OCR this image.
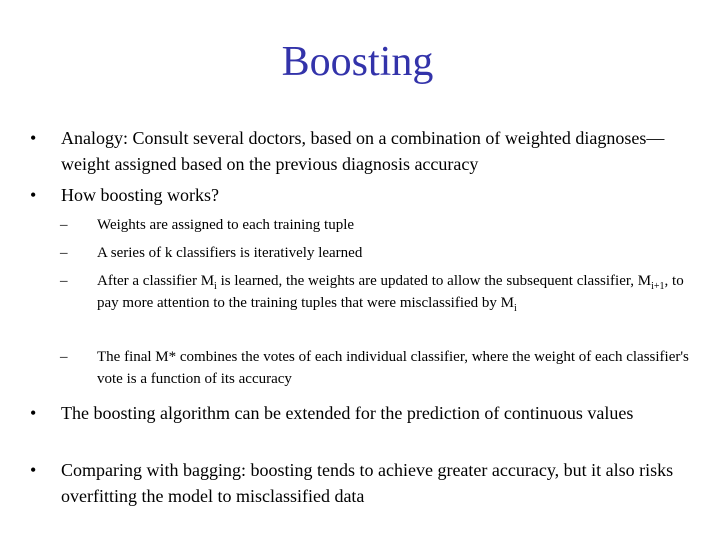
Boosting
• Analogy: Consult several doctors, based on a combination of weighted diagnoses—weight assigned based on the previous diagnosis accuracy
• How boosting works?
– Weights are assigned to each training tuple
– A series of k classifiers is iteratively learned
– After a classifier $M_i$ is learned, the weights are updated to allow the subsequent classifier, $M_{i+1}$, to pay more attention to the training tuples that were misclassified by $M_i$
– The final M* combines the votes of each individual classifier, where the weight of each classifier's vote is a function of its accuracy
• The boosting algorithm can be extended for the prediction of continuous values
• Comparing with bagging: boosting tends to achieve greater accuracy, but it also risks overfitting the model to misclassified data
